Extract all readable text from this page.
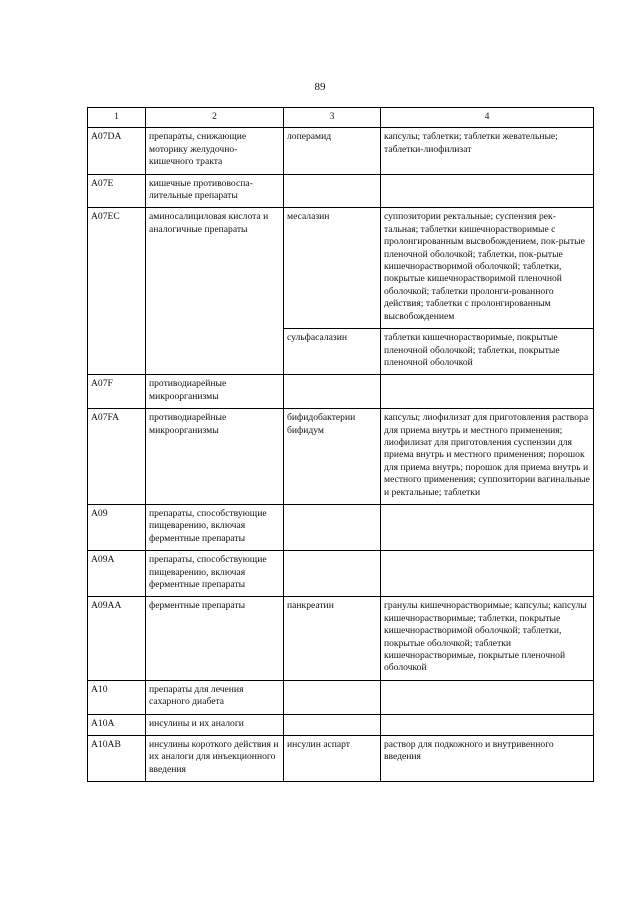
89
1	2	3	4
A07DA	препараты, снижающие моторику желудочно-кишечного тракта	лоперамид	капсулы; таблетки; таблетки жевательные; таблетки-лиофилизат
A07E	кишечные противовоспа-лительные препараты		
A07EC	аминосалициловая кислота и аналогичные препараты	месалазин	суппозитории ректальные; суспензия рек-тальная; таблетки кишечнорастворимые с пролонгированным высвобождением, пок-рытые пленочной оболочкой; таблетки, пок-рытые кишечнорастворимой оболочкой; таблетки, покрытые кишечнорастворимой пленочной оболочкой; таблетки пролонги-рованного действия; таблетки с пролонгированным высвобождением
		сульфасалазин	таблетки кишечнорастворимые, покрытые пленочной оболочкой; таблетки, покрытые пленочной оболочкой
A07F	противодиарейные микроорганизмы		
A07FA	противодиарейные микроорганизмы	бифидобактерии бифидум	капсулы; лиофилизат для приготовления раствора для приема внутрь и местного применения; лиофилизат для приготовления суспензии для приема внутрь и местного применения; порошок для приема внутрь; порошок для приема внутрь и местного применения; суппозитории вагинальные и ректальные; таблетки
A09	препараты, способствующие пищеварению, включая ферментные препараты		
A09A	препараты, способствующие пищеварению, включая ферментные препараты		
A09AA	ферментные препараты	панкреатин	гранулы кишечнорастворимые; капсулы; капсулы кишечнорастворимые; таблетки, покрытые кишечнорастворимой оболочкой; таблетки, покрытые оболочкой; таблетки кишечнорастворимые, покрытые пленочной оболочкой
A10	препараты для лечения сахарного диабета		
A10A	инсулины и их аналоги		
A10AB	инсулины короткого действия и их аналоги для инъекционного введения	инсулин аспарт	раствор для подкожного и внутривенного введения
